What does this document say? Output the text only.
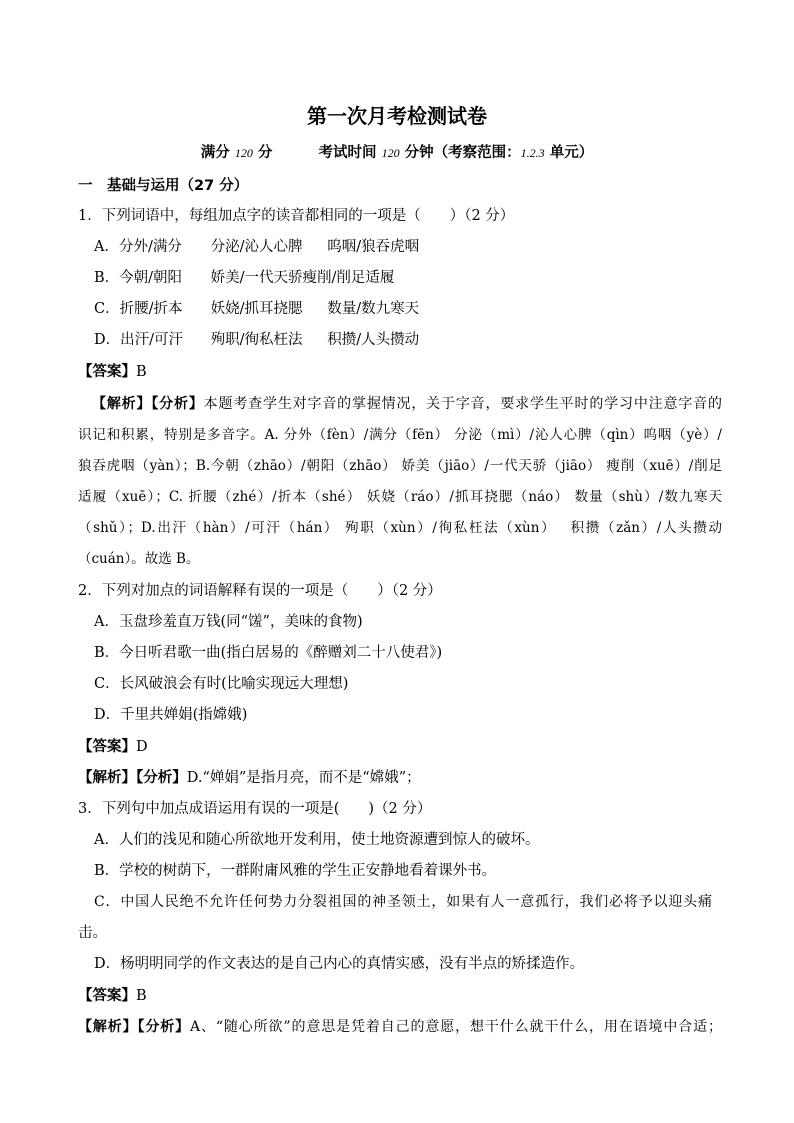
第一次月考检测试卷
满分 120 分	考试时间 120 分钟（考察范围：1.2.3 单元）
一　基础与运用（27 分）
1．下列词语中，每组加点字的读音都相同的一项是（　　）（2 分）
A．分外/满分 分泌/沁人心脾 呜咽/狼吞虎咽
B．今朝/朝阳 娇美/一代天骄瘦削/削足适履
C．折腰/折本 妖娆/抓耳挠腮 数量/数九寒天
D．出汗/可汗 殉职/徇私枉法 积攒/人头攒动
【答案】B
【解析】【分析】本题考查学生对字音的掌握情况，关于字音，要求学生平时的学习中注意字音的
识记和积累，特别是多音字。A. 分外（fèn）/满分（fēn） 分泌（mì）/沁人心脾（qìn）呜咽（yè）/
狼吞虎咽（yàn）；B.今朝（zhāo）/朝阳（zhāo） 娇美（jiāo）/一代天骄（jiāo） 瘦削（xuē）/削足
适履（xuē）；C. 折腰（zhé）/折本（shé） 妖娆（ráo）/抓耳挠腮（náo） 数量（shù）/数九寒天
（shǔ）；D.出汗（hàn）/可汗（hán） 殉职（xùn）/徇私枉法（xùn）　 积攒（zǎn）/人头攒动
（cuán）。故选 B。
2．下列对加点的词语解释有误的一项是（　　）（2 分）
A．玉盘珍羞直万钱(同“馐”，美味的食物)
B．今日听君歌一曲(指白居易的《醉赠刘二十八使君》)
C．长风破浪会有时(比喻实现远大理想)
D．千里共婵娟(指嫦娥)
【答案】D
【解析】【分析】D.“婵娟”是指月亮，而不是“嫦娥”；
3．下列句中加点成语运用有误的一项是(　　)（2 分）
A．人们的浅见和随心所欲地开发利用，使土地资源遭到惊人的破坏。
B．学校的树荫下，一群附庸风雅的学生正安静地看着课外书。
C．中国人民绝不允许任何势力分裂祖国的神圣领土，如果有人一意孤行，我们必将予以迎头痛
击。
D．杨明明同学的作文表达的是自己内心的真情实感，没有半点的矫揉造作。
【答案】B
【解析】【分析】A、“随心所欲”的意思是凭着自己的意愿，想干什么就干什么，用在语境中合适；
